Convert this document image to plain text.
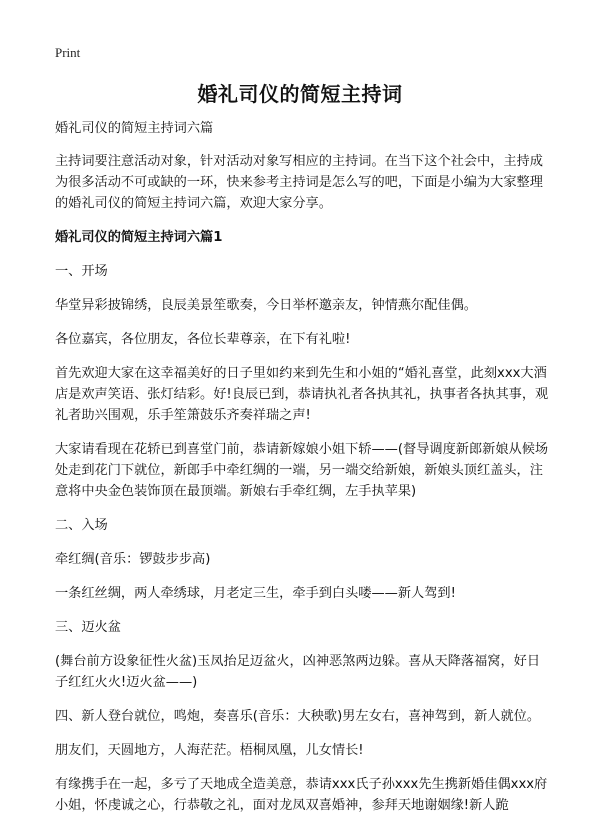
Print
婚礼司仪的简短主持词

婚礼司仪的简短主持词六篇

主持词要注意活动对象，针对活动对象写相应的主持词。在当下这个社会中，主持成为很多活动不可或缺的一环，快来参考主持词是怎么写的吧，下面是小编为大家整理的婚礼司仪的简短主持词六篇，欢迎大家分享。

婚礼司仪的简短主持词六篇1

一、开场

华堂异彩披锦绣，良辰美景笙歌奏，今日举杯邀亲友，钟情燕尔配佳偶。

各位嘉宾，各位朋友，各位长辈尊亲，在下有礼啦!

首先欢迎大家在这幸福美好的日子里如约来到先生和小姐的“婚礼喜堂，此刻xxx大酒店是欢声笑语、张灯结彩。好!良辰已到，恭请执礼者各执其礼，执事者各执其事，观礼者助兴围观，乐手笙箫鼓乐齐奏祥瑞之声!

大家请看现在花轿已到喜堂门前，恭请新嫁娘小姐下轿——(督导调度新郎新娘从候场处走到花门下就位，新郎手中牵红绸的一端，另一端交给新娘，新娘头顶红盖头，注意将中央金色装饰顶在最顶端。新娘右手牵红绸，左手执苹果)

二、入场

牵红绸(音乐：锣鼓步步高)

一条红丝绸，两人牵绣球，月老定三生，牵手到白头喽——新人驾到!

三、迈火盆

(舞台前方设象征性火盆)玉凤抬足迈盆火，凶神恶煞两边躲。喜从天降落福窝，好日子红红火火!迈火盆——)

四、新人登台就位，鸣炮，奏喜乐(音乐：大秧歌)男左女右，喜神驾到，新人就位。

朋友们，天圆地方，人海茫茫。梧桐凤凰，儿女情长!

有缘携手在一起，多亏了天地成全造美意，恭请xxx氏子孙xxx先生携新婚佳偶xxx府小姐，怀虔诚之心，行恭敬之礼，面对龙凤双喜婚神，参拜天地谢姻缘!新人跪
